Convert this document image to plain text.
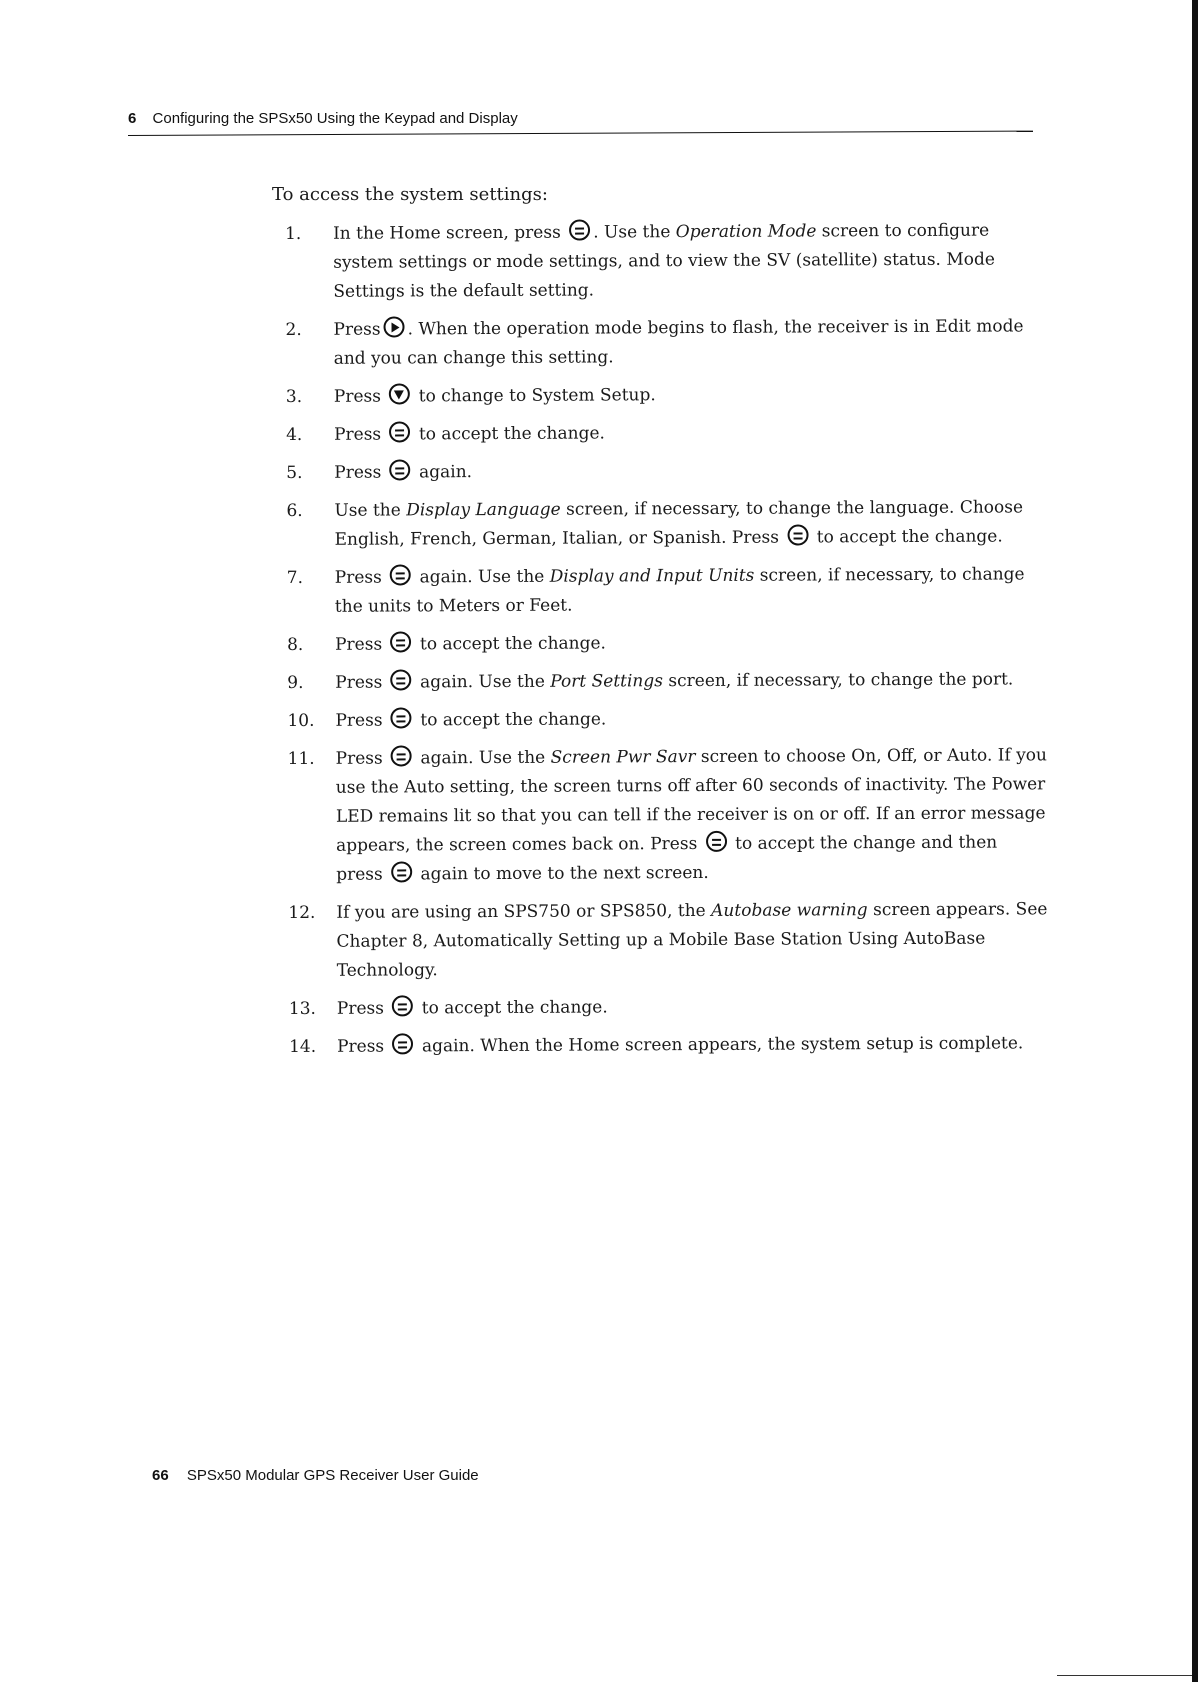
6 Configuring the SPSx50 Using the Keypad and Display
To access the system settings:
1.	In the Home screen, press . Use the Operation Mode screen to configure system settings or mode settings, and to view the SV (satellite) status. Mode Settings is the default setting.
2.	Press . When the operation mode begins to flash, the receiver is in Edit mode and you can change this setting.
3.	Press  to change to System Setup.
4.	Press  to accept the change.
5.	Press  again.
6.	Use the Display Language screen, if necessary, to change the language. Choose English, French, German, Italian, or Spanish. Press  to accept the change.
7.	Press  again. Use the Display and Input Units screen, if necessary, to change the units to Meters or Feet.
8.	Press  to accept the change.
9.	Press  again. Use the Port Settings screen, if necessary, to change the port.
10. Press  to accept the change.
11. Press  again. Use the Screen Pwr Savr screen to choose On, Off, or Auto. If you use the Auto setting, the screen turns off after 60 seconds of inactivity. The Power LED remains lit so that you can tell if the receiver is on or off. If an error message appears, the screen comes back on. Press  to accept the change and then press  again to move to the next screen.
12. If you are using an SPS750 or SPS850, the Autobase warning screen appears. See Chapter 8, Automatically Setting up a Mobile Base Station Using AutoBase Technology.
13. Press  to accept the change.
14. Press  again. When the Home screen appears, the system setup is complete.
66 SPSx50 Modular GPS Receiver User Guide
